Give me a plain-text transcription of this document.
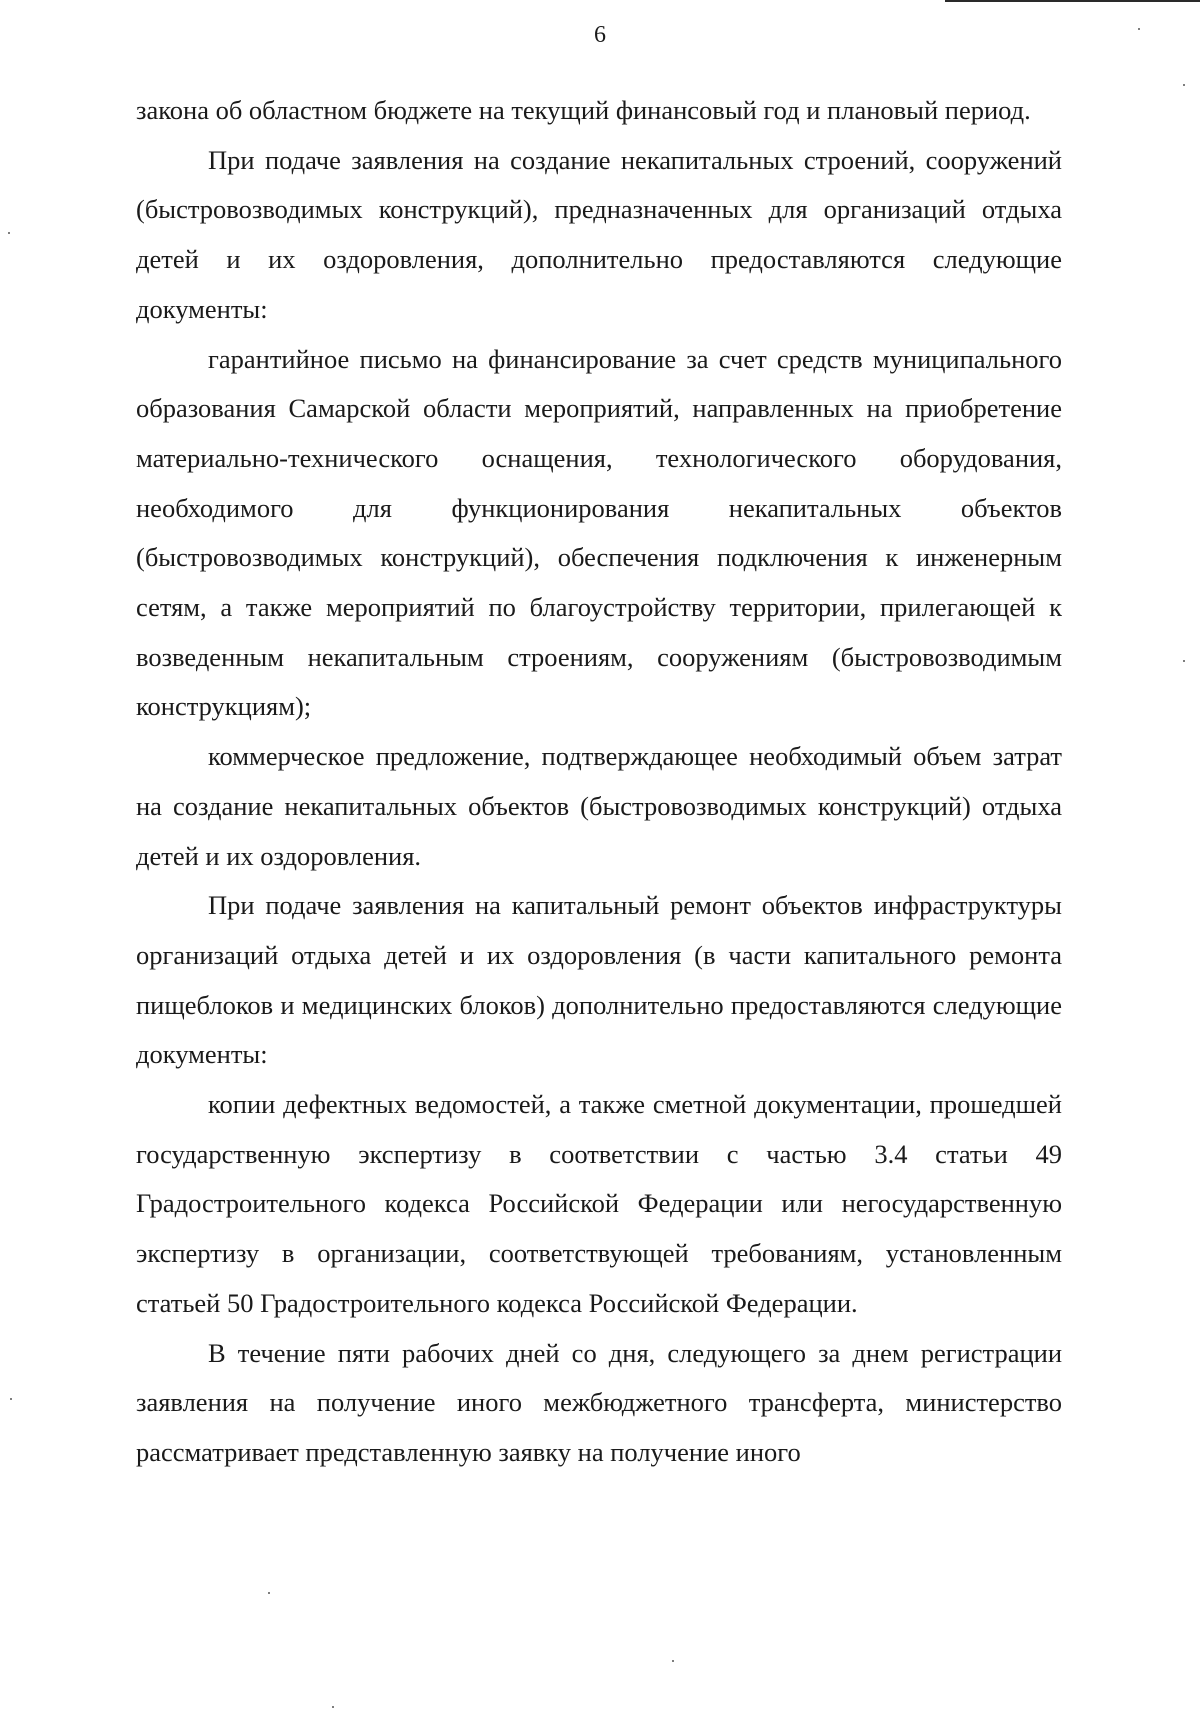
6

закона об областном бюджете на текущий финансовый год и плановый период.

При подаче заявления на создание некапитальных строений, сооружений (быстровозводимых конструкций), предназначенных для организаций отдыха детей и их оздоровления, дополнительно предоставляются следующие документы:

гарантийное письмо на финансирование за счет средств муниципального образования Самарской области мероприятий, направленных на приобретение материально-технического оснащения, технологического оборудования, необходимого для функционирования некапитальных объектов (быстровозводимых конструкций), обеспечения подключения к инженерным сетям, а также мероприятий по благоустройству территории, прилегающей к возведенным некапитальным строениям, сооружениям (быстровозводимым конструкциям);

коммерческое предложение, подтверждающее необходимый объем затрат на создание некапитальных объектов (быстровозводимых конструкций) отдыха детей и их оздоровления.

При подаче заявления на капитальный ремонт объектов инфраструктуры организаций отдыха детей и их оздоровления (в части капитального ремонта пищеблоков и медицинских блоков) дополнительно предоставляются следующие документы:

копии дефектных ведомостей, а также сметной документации, прошедшей государственную экспертизу в соответствии с частью 3.4 статьи 49 Градостроительного кодекса Российской Федерации или негосударственную экспертизу в организации, соответствующей требованиям, установленным статьей 50 Градостроительного кодекса Российской Федерации.

В течение пяти рабочих дней со дня, следующего за днем регистрации заявления на получение иного межбюджетного трансферта, министерство рассматривает представленную заявку на получение иного
